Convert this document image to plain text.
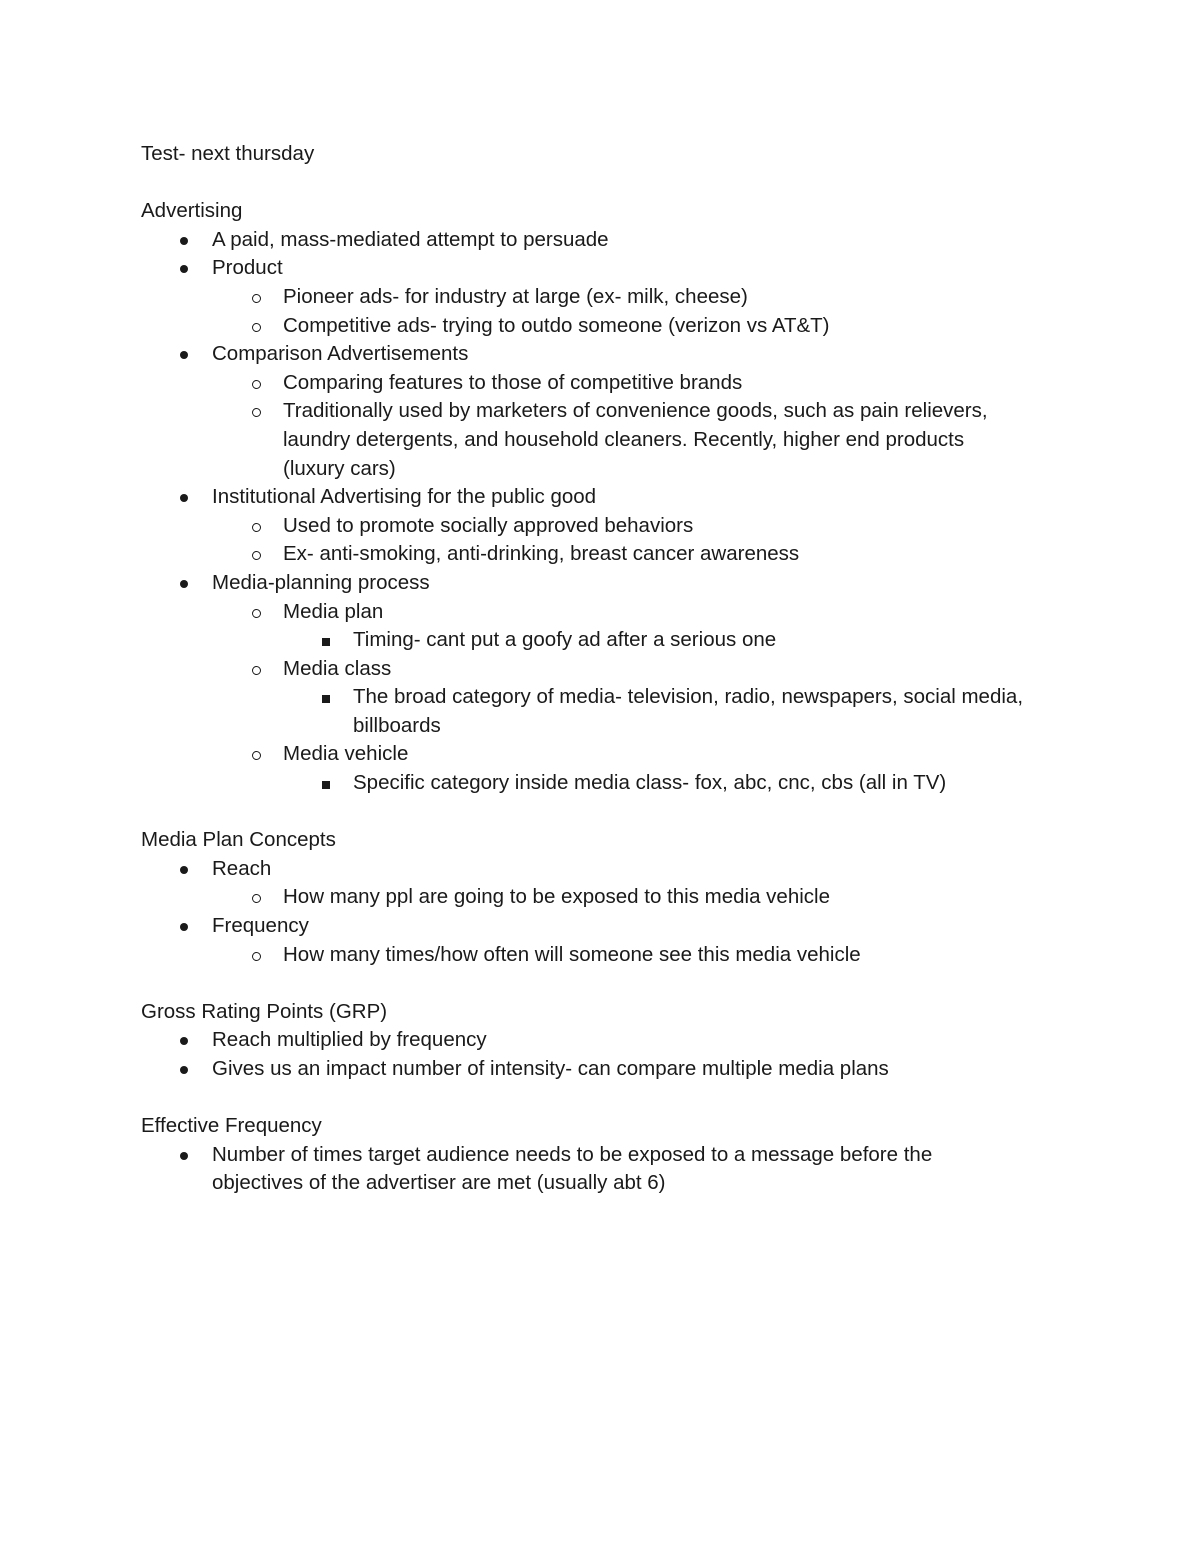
Test- next thursday
Advertising
A paid, mass-mediated attempt to persuade
Product
Pioneer ads- for industry at large (ex- milk, cheese)
Competitive ads- trying to outdo someone (verizon vs AT&T)
Comparison Advertisements
Comparing features to those of competitive brands
Traditionally used by marketers of convenience goods, such as pain relievers, laundry detergents, and household cleaners. Recently, higher end products (luxury cars)
Institutional Advertising for the public good
Used to promote socially approved behaviors
Ex- anti-smoking, anti-drinking, breast cancer awareness
Media-planning process
Media plan
Timing- cant put a goofy ad after a serious one
Media class
The broad category of media- television, radio, newspapers, social media, billboards
Media vehicle
Specific category inside media class- fox, abc, cnc, cbs (all in TV)
Media Plan Concepts
Reach
How many ppl are going to be exposed to this media vehicle
Frequency
How many times/how often will someone see this media vehicle
Gross Rating Points (GRP)
Reach multiplied by frequency
Gives us an impact number of intensity- can compare multiple media plans
Effective Frequency
Number of times target audience needs to be exposed to a message before the objectives of the advertiser are met (usually abt 6)
